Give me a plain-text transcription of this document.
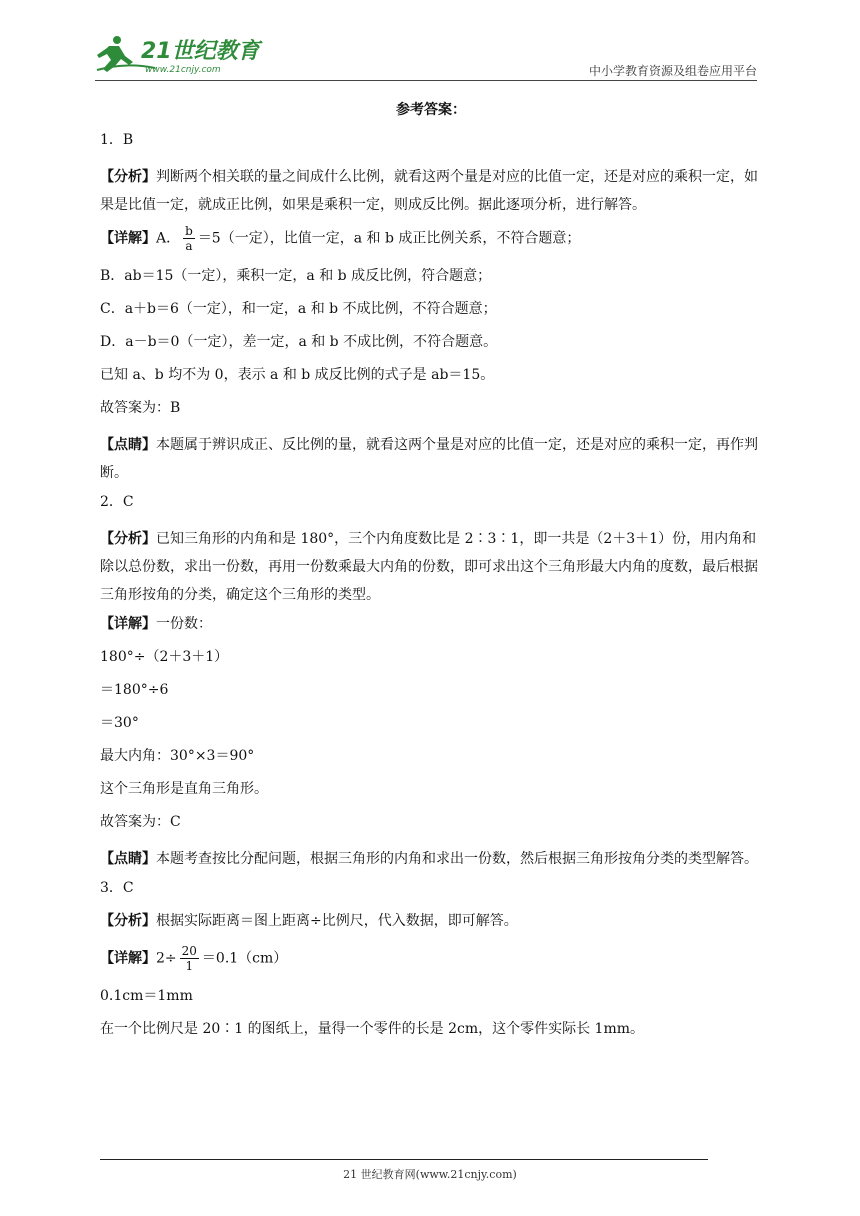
21世纪教育
www.21cnjy.com	中小学教育资源及组卷应用平台
参考答案：

1．B

【分析】判断两个相关联的量之间成什么比例，就看这两个量是对应的比值一定，还是对应的乘积一定，如果是比值一定，就成正比例，如果是乘积一定，则成反比例。据此逐项分析，进行解答。

【详解】A． $\frac{b}{a} =5$（一定），比值一定，a 和 b 成正比例关系，不符合题意；

B．ab＝15（一定），乘积一定，a 和 b 成反比例，符合题意；

C．a＋b＝6（一定），和一定，a 和 b 不成比例，不符合题意；

D．a－b＝0（一定），差一定，a 和 b 不成比例，不符合题意。

已知 a、b 均不为 0，表示 a 和 b 成反比例的式子是 ab＝15。

故答案为：B

【点睛】本题属于辨识成正、反比例的量，就看这两个量是对应的比值一定，还是对应的乘积一定，再作判断。

2．C

【分析】已知三角形的内角和是 180°，三个内角度数比是 2∶3∶1，即一共是（2＋3＋1）份，用内角和除以总份数，求出一份数，再用一份数乘最大内角的份数，即可求出这个三角形最大内角的度数，最后根据三角形按角的分类，确定这个三角形的类型。

【详解】一份数：

180°÷（2＋3＋1）

＝180°÷6

＝30°

最大内角：30°×3＝90°

这个三角形是直角三角形。

故答案为：C

【点睛】本题考查按比分配问题，根据三角形的内角和求出一份数，然后根据三角形按角分类的类型解答。

3．C

【分析】根据实际距离＝图上距离÷比例尺，代入数据，即可解答。

【详解】$2\div \frac{20}{1} =0.1(cm)$

0.1cm＝1mm

在一个比例尺是 20∶1 的图纸上，量得一个零件的长是 2cm，这个零件实际长 1mm。

21 世纪教育网(www.21cnjy.com)
